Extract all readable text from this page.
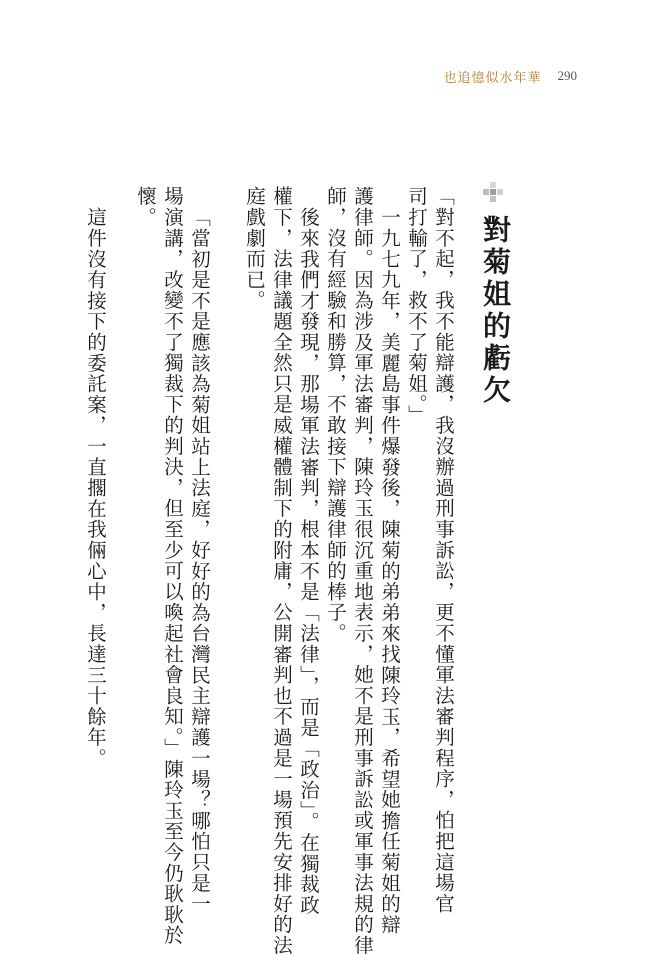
也追憶似水年華 290
對菊姐的虧欠
「對不起，我不能辯護，我沒辦過刑事訴訟，更不懂軍法審判程序，怕把這場官
司打輸了，救不了菊姐。」
一九七九年，美麗島事件爆發後，陳菊的弟弟來找陳玲玉，希望她擔任菊姐的辯
護律師。因為涉及軍法審判，陳玲玉很沉重地表示，她不是刑事訴訟或軍事法規的律
師，沒有經驗和勝算，不敢接下辯護律師的棒子。
後來我們才發現，那場軍法審判，根本不是「法律」，而是「政治」。在獨裁政
權下，法律議題全然只是威權體制下的附庸，公開審判也不過是一場預先安排好的法
庭戲劇而已。
「當初是不是應該為菊姐站上法庭，好好的為台灣民主辯護一場？哪怕只是一
場演講，改變不了獨裁下的判決，但至少可以喚起社會良知。」陳玲玉至今仍耿耿於
懷。
這件沒有接下的委託案，一直擱在我倆心中，長達三十餘年。
